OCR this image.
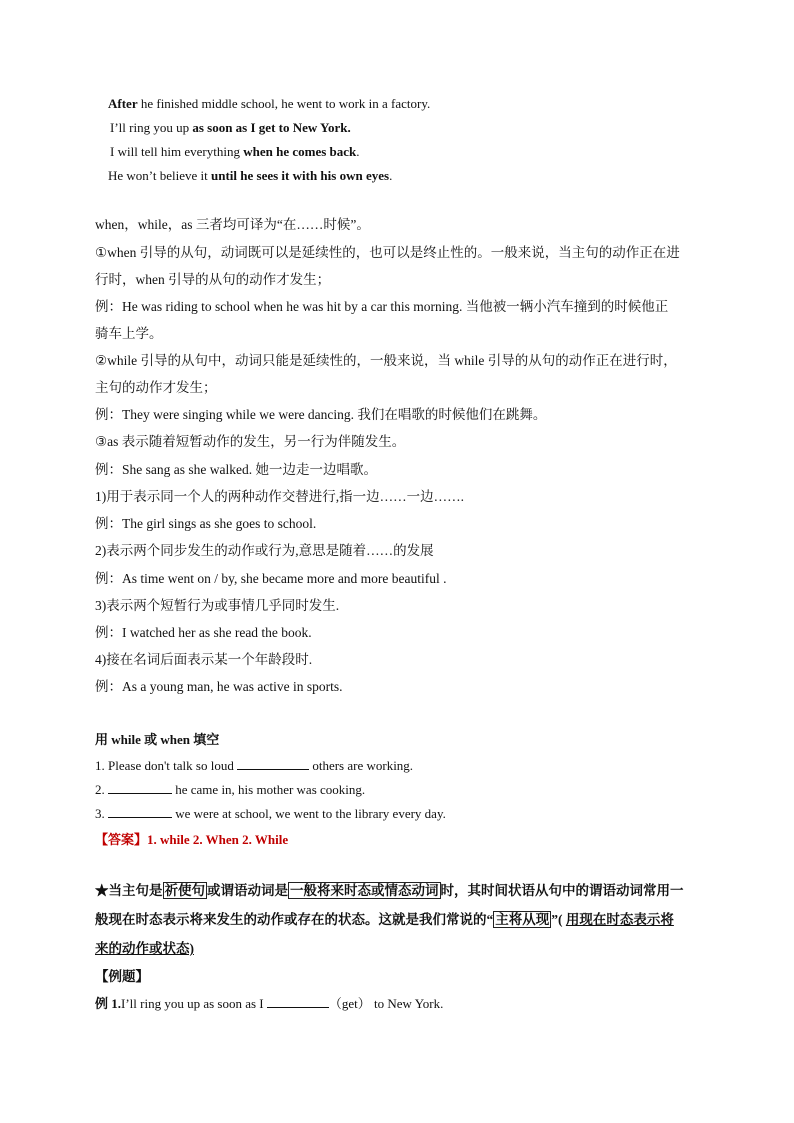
After he finished middle school, he went to work in a factory.
I’ll ring you up as soon as I get to New York.
I will tell him everything when he comes back.
He won’t believe it until he sees it with his own eyes.
when，while，as 三者均可译为“在……时候”。
①when 引导的从句，动词既可以是延续性的，也可以是终止性的。一般来说，当主句的动作正在进
行时，when 引导的从句的动作才发生；
例：He was riding to school when he was hit by a car this morning. 当他被一辆小汽车撞到的时候他正
骑车上学。
②while 引导的从句中，动词只能是延续性的，一般来说，当 while 引导的从句的动作正在进行时，
主句的动作才发生；
例：They were singing while we were dancing. 我们在唱歌的时候他们在跳舞。
③as 表示随着短暂动作的发生，另一行为伴随发生。
例：She sang as she walked. 她一边走一边唱歌。
1)用于表示同一个人的两种动作交替进行,指一边……一边…….
例：The girl sings as she goes to school.
2)表示两个同步发生的动作或行为,意思是随着……的发展
例：As time went on / by, she became more and more beautiful .
3)表示两个短暂行为或事情几乎同时发生.
例：I watched her as she read the book.
4)接在名词后面表示某一个年龄段时.
例：As a young man, he was active in sports.
用 while 或 when 填空
1. Please don't talk so loud	others are working.
2.	he came in, his mother was cooking.
3.	we were at school, we went to the library every day.
【答案】1. while 2. When 2. While
★当主句是 祈使句 或谓语动词是 一般将来时态或情态动词 时，其时间状语从句中的谓语动词常用一
般现在时态表示将来发生的动作或存在的状态。这就是我们常说的“ 主将从现 ”( 用现在时态表示将
来的动作或状态)
【例题】
例 1.I’ll ring you up as soon as I	（get） to New York.
